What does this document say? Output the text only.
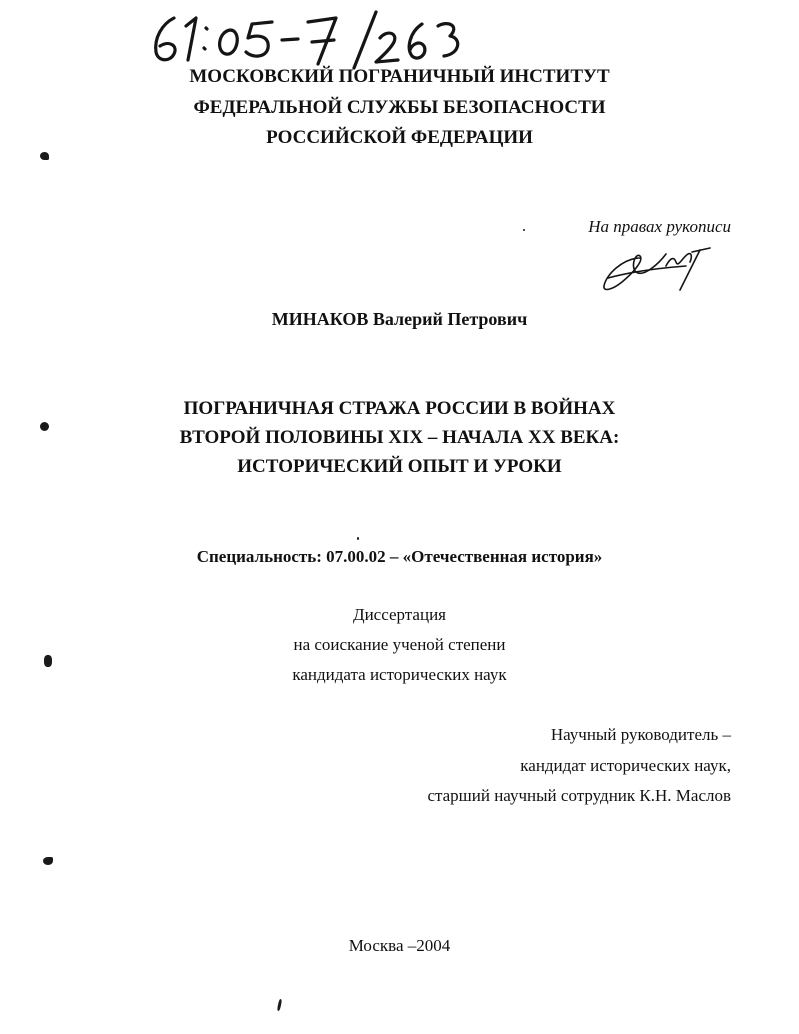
МОСКОВСКИЙ ПОГРАНИЧНЫЙ ИНСТИТУТ
ФЕДЕРАЛЬНОЙ СЛУЖБЫ БЕЗОПАСНОСТИ
РОССИЙСКОЙ ФЕДЕРАЦИИ
На правах рукописи
МИНАКОВ Валерий Петрович
ПОГРАНИЧНАЯ СТРАЖА РОССИИ В ВОЙНАХ
ВТОРОЙ ПОЛОВИНЫ XIX – НАЧАЛА XX ВЕКА:
ИСТОРИЧЕСКИЙ ОПЫТ И УРОКИ
Специальность: 07.00.02 – «Отечественная история»
Диссертация
на соискание ученой степени
кандидата исторических наук
Научный руководитель –
кандидат исторических наук,
старший научный сотрудник К.Н. Маслов
Москва –2004
